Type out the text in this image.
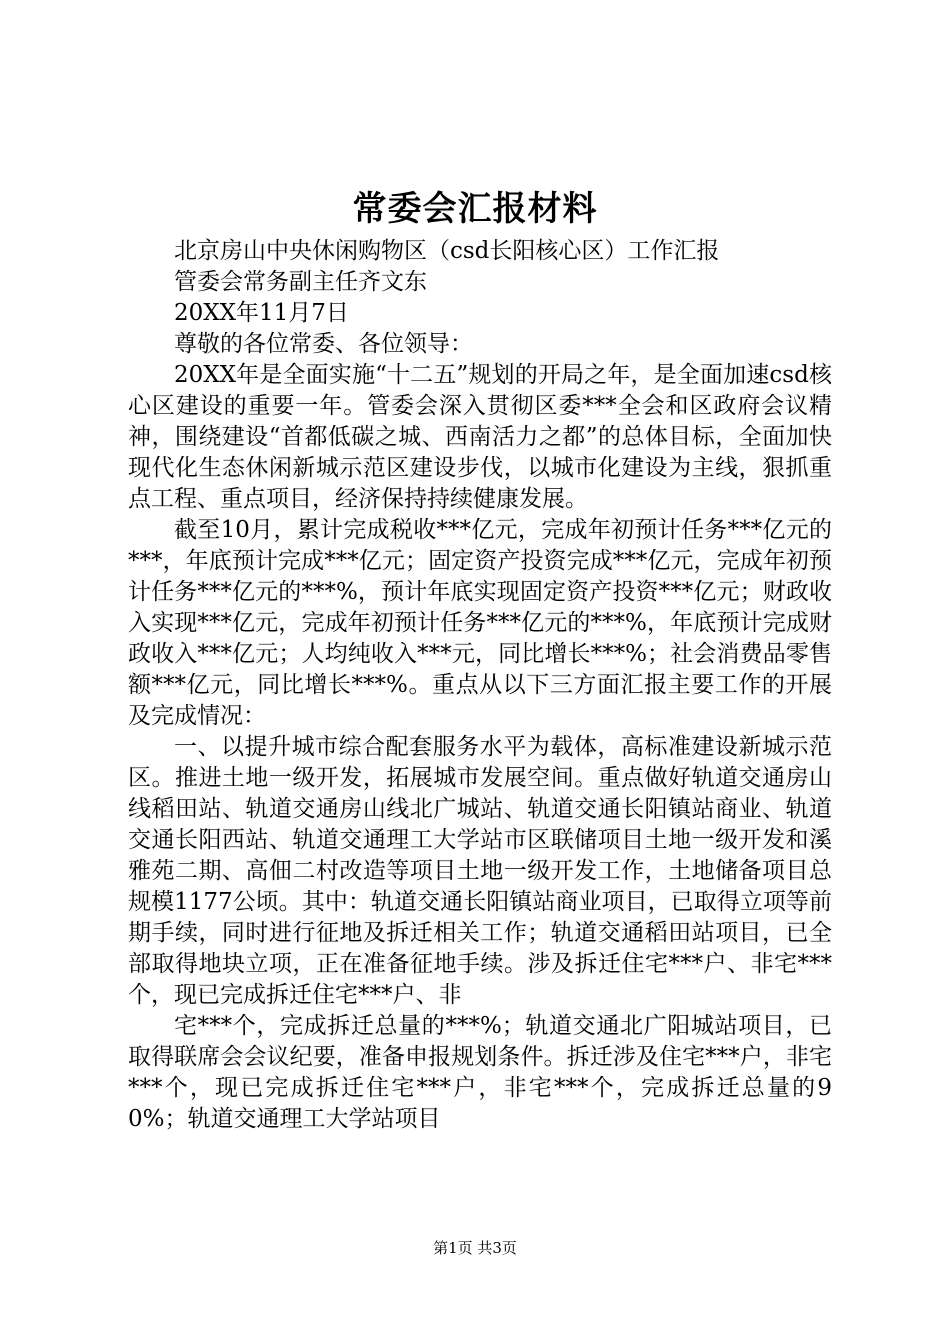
常委会汇报材料

北京房山中央休闲购物区（csd长阳核心区）工作汇报

管委会常务副主任齐文东

20XX年11月7日

尊敬的各位常委、各位领导：

20XX年是全面实施“十二五”规划的开局之年，是全面加速csd核心区建设的重要一年。管委会深入贯彻区委***全会和区政府会议精神，围绕建设“首都低碳之城、西南活力之都”的总体目标，全面加快现代化生态休闲新城示范区建设步伐，以城市化建设为主线，狠抓重点工程、重点项目，经济保持持续健康发展。

截至10月，累计完成税收***亿元，完成年初预计任务***亿元的***，年底预计完成***亿元；固定资产投资完成***亿元，完成年初预计任务***亿元的***%，预计年底实现固定资产投资***亿元；财政收入实现***亿元，完成年初预计任务***亿元的***%，年底预计完成财政收入***亿元；人均纯收入***元，同比增长***%；社会消费品零售额***亿元，同比增长***%。重点从以下三方面汇报主要工作的开展及完成情况：

一、以提升城市综合配套服务水平为载体，高标准建设新城示范区。推进土地一级开发，拓展城市发展空间。重点做好轨道交通房山线稻田站、轨道交通房山线北广城站、轨道交通长阳镇站商业、轨道交通长阳西站、轨道交通理工大学站市区联储项目土地一级开发和溪雅苑二期、高佃二村改造等项目土地一级开发工作，土地储备项目总规模1177公顷。其中：轨道交通长阳镇站商业项目，已取得立项等前期手续，同时进行征地及拆迁相关工作；轨道交通稻田站项目，已全部取得地块立项，正在准备征地手续。涉及拆迁住宅***户、非宅***个，现已完成拆迁住宅***户、非

宅***个，完成拆迁总量的***%；轨道交通北广阳城站项目，已取得联席会会议纪要，准备申报规划条件。拆迁涉及住宅***户，非宅***个，现已完成拆迁住宅***户，非宅***个，完成拆迁总量的90%；轨道交通理工大学站项目

第1页 共3页
